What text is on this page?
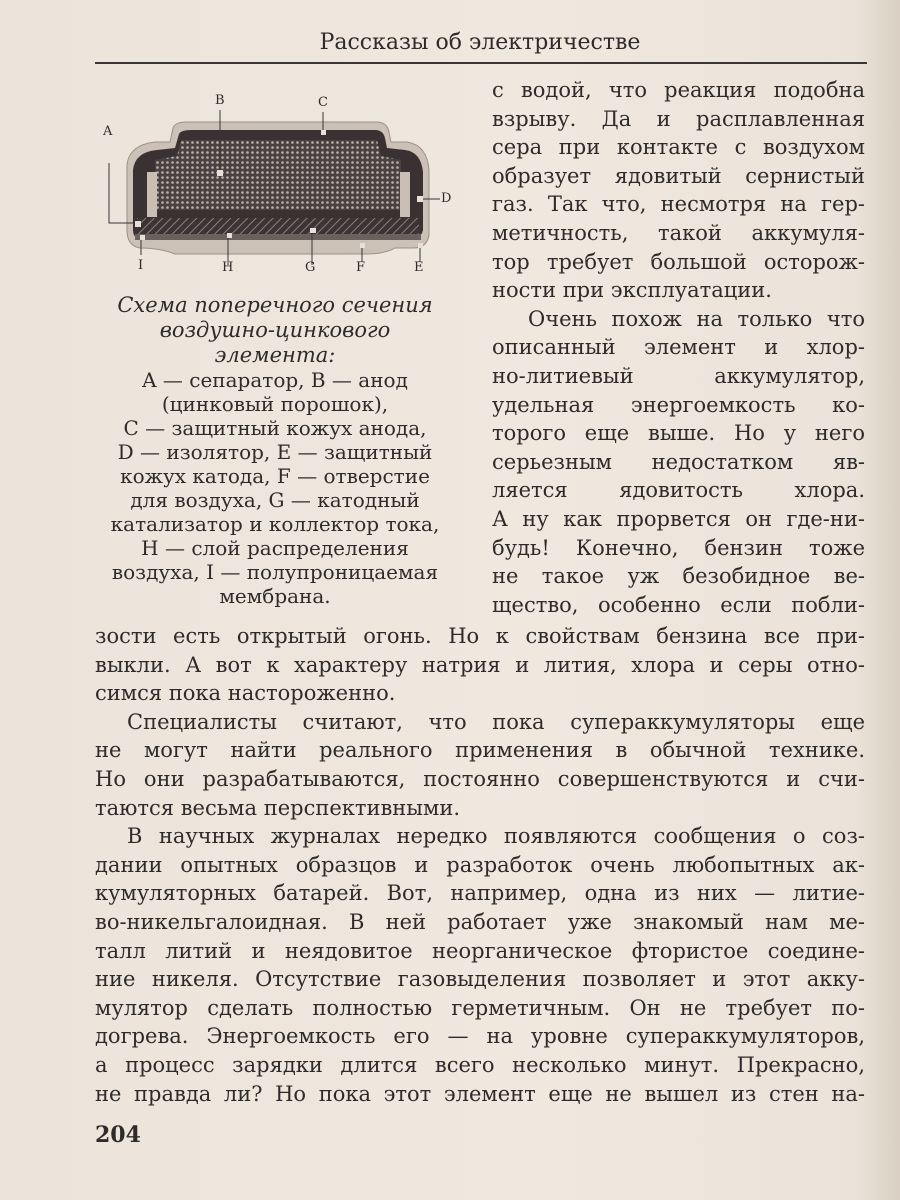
Рассказы об электричестве
A
B	C
D
E
F
G
H
I
Схема поперечного сечения
воздушно-цинкового
элемента:
A — сепаратор, B — анод
(цинковый порошок),
C — защитный кожух анода,
D — изолятор, E — защитный
кожух катода, F — отверстие
для воздуха, G — катодный
катализатор и коллектор тока,
H — слой распределения
воздуха, I — полупроницаемая
мембрана.
с водой, что реакция подобна
взрыву. Да и расплавленная
сера при контакте с воздухом
образует ядовитый сернистый
газ. Так что, несмотря на гер-
метичность, такой аккумуля-
тор требует большой осторож-
ности при эксплуатации.
Очень похож на только что
описанный элемент и хлор-
но-литиевый аккумулятор,
удельная энергоемкость ко-
торого еще выше. Но у него
серьезным недостатком яв-
ляется ядовитость хлора.
А ну как прорвется он где-ни-
будь! Конечно, бензин тоже
не такое уж безобидное ве-
щество, особенно если побли-
зости есть открытый огонь. Но к свойствам бензина все при-
выкли. А вот к характеру натрия и лития, хлора и серы отно-
симся пока настороженно.
Специалисты считают, что пока супераккумуляторы еще
не могут найти реального применения в обычной технике.
Но они разрабатываются, постоянно совершенствуются и счи-
таются весьма перспективными.
В научных журналах нередко появляются сообщения о соз-
дании опытных образцов и разработок очень любопытных ак-
кумуляторных батарей. Вот, например, одна из них — литие-
во-никельгалоидная. В ней работает уже знакомый нам ме-
талл литий и неядовитое неорганическое фтористое соедине-
ние никеля. Отсутствие газовыделения позволяет и этот акку-
мулятор сделать полностью герметичным. Он не требует по-
догрева. Энергоемкость его — на уровне супераккумуляторов,
а процесс зарядки длится всего несколько минут. Прекрасно,
не правда ли? Но пока этот элемент еще не вышел из стен на-
204
